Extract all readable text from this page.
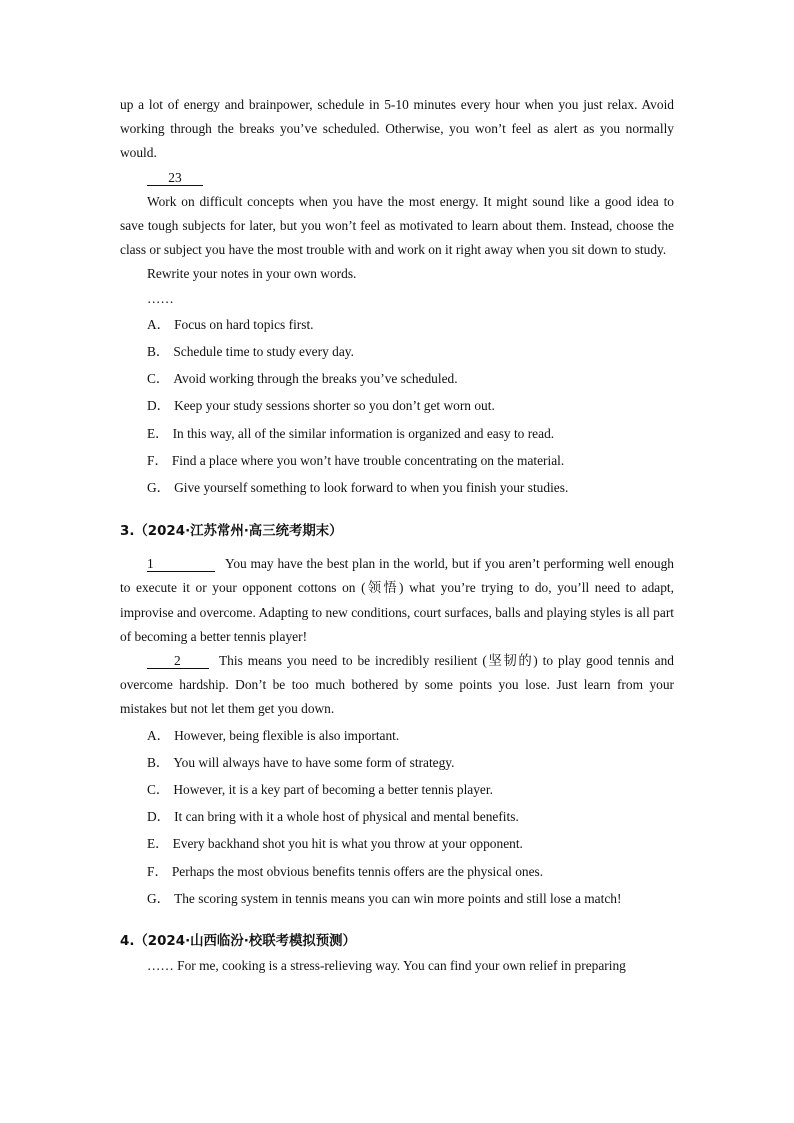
up a lot of energy and brainpower, schedule in 5-10 minutes every hour when you just relax. Avoid working through the breaks you’ve scheduled. Otherwise, you won’t feel as alert as you normally would.

23

Work on difficult concepts when you have the most energy. It might sound like a good idea to save tough subjects for later, but you won’t feel as motivated to learn about them. Instead, choose the class or subject you have the most trouble with and work on it right away when you sit down to study.

Rewrite your notes in your own words.

……

A． Focus on hard topics first.
B． Schedule time to study every day.
C． Avoid working through the breaks you’ve scheduled.
D． Keep your study sessions shorter so you don’t get worn out.
E． In this way, all of the similar information is organized and easy to read.
F． Find a place where you won’t have trouble concentrating on the material.
G． Give yourself something to look forward to when you finish your studies.

3.（2024·江苏常州·高三统考期末）

1	You may have the best plan in the world, but if you aren’t performing well enough to execute it or your opponent cottons on (领悟) what you’re trying to do, you’ll need to adapt, improvise and overcome. Adapting to new conditions, court surfaces, balls and playing styles is all part of becoming a better tennis player!

2	This means you need to be incredibly resilient (坚韧的) to play good tennis and overcome hardship. Don’t be too much bothered by some points you lose. Just learn from your mistakes but not let them get you down.

A． However, being flexible is also important.
B． You will always have to have some form of strategy.
C． However, it is a key part of becoming a better tennis player.
D． It can bring with it a whole host of physical and mental benefits.
E． Every backhand shot you hit is what you throw at your opponent.
F． Perhaps the most obvious benefits tennis offers are the physical ones.
G． The scoring system in tennis means you can win more points and still lose a match!

4.（2024·山西临汾·校联考模拟预测）

…… For me, cooking is a stress-relieving way. You can find your own relief in preparing
